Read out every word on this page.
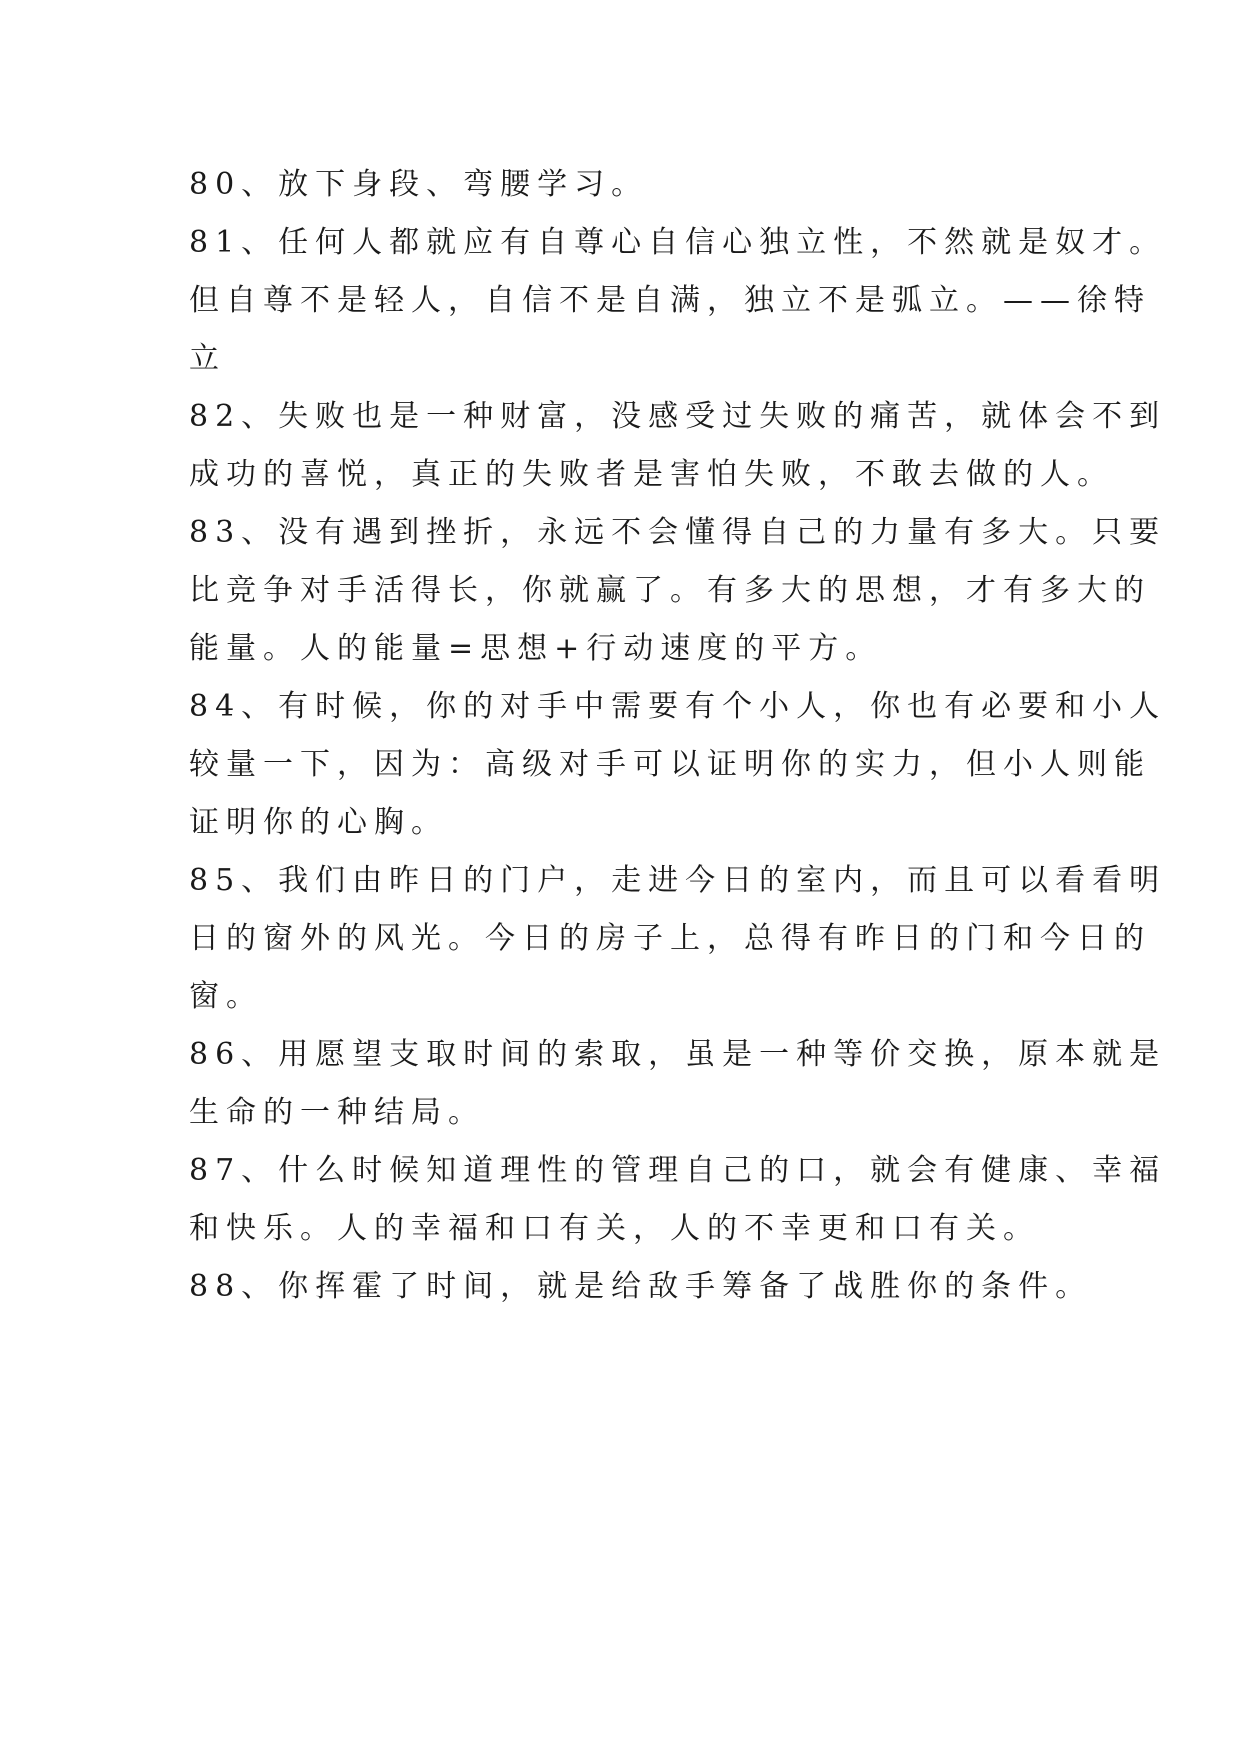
80、放下身段、弯腰学习。
81、任何人都就应有自尊心自信心独立性，不然就是奴才。
但自尊不是轻人，自信不是自满，独立不是弧立。——徐特
立
82、失败也是一种财富，没感受过失败的痛苦，就体会不到
成功的喜悦，真正的失败者是害怕失败，不敢去做的人。
83、没有遇到挫折，永远不会懂得自己的力量有多大。只要
比竞争对手活得长，你就赢了。有多大的思想，才有多大的
能量。人的能量=思想+行动速度的平方。
84、有时候，你的对手中需要有个小人，你也有必要和小人
较量一下，因为：高级对手可以证明你的实力，但小人则能
证明你的心胸。
85、我们由昨日的门户，走进今日的室内，而且可以看看明
日的窗外的风光。今日的房子上，总得有昨日的门和今日的
窗。
86、用愿望支取时间的索取，虽是一种等价交换，原本就是
生命的一种结局。
87、什么时候知道理性的管理自己的口，就会有健康、幸福
和快乐。人的幸福和口有关，人的不幸更和口有关。
88、你挥霍了时间，就是给敌手筹备了战胜你的条件。
